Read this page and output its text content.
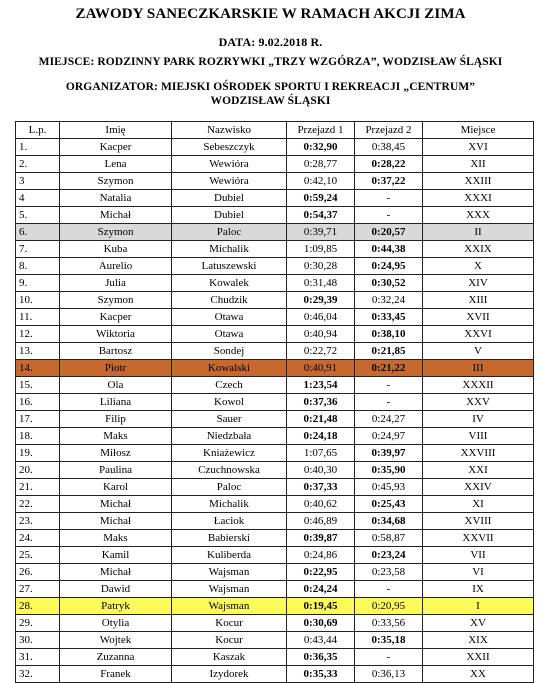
ZAWODY SANECZKARSKIE W RAMACH AKCJI ZIMA
DATA: 9.02.2018 R.
MIEJSCE: RODZINNY PARK ROZRYWKI „TRZY WZGÓRZA”, WODZISŁAW ŚLĄSKI
ORGANIZATOR: MIEJSKI OŚRODEK SPORTU I REKREACJI „CENTRUM”
WODZISŁAW ŚLĄSKI
L.p.	Imię	Nazwisko	Przejazd 1	Przejazd 2	Miejsce
1.	Kacper	Sebeszczyk	0:32,90	0:38,45	XVI
2.	Lena	Wewióra	0:28,77	0:28,22	XII
3	Szymon	Wewióra	0:42,10	0:37,22	XXIII
4	Natalia	Dubiel	0:59,24	-	XXXI
5.	Michał	Dubiel	0:54,37	-	XXX
6.	Szymon	Paloc	0:39,71	0:20,57	II
7.	Kuba	Michalik	1:09,85	0:44,38	XXIX
8.	Aurelio	Latuszewski	0:30,28	0:24,95	X
9.	Julia	Kowalek	0:31,48	0:30,52	XIV
10.	Szymon	Chudzik	0:29,39	0:32,24	XIII
11.	Kacper	Otawa	0:46,04	0:33,45	XVII
12.	Wiktoria	Otawa	0:40,94	0:38,10	XXVI
13.	Bartosz	Sondej	0:22,72	0:21,85	V
14.	Piotr	Kowalski	0:40,91	0:21,22	III
15.	Ola	Czech	1:23,54	-	XXXII
16.	Liliana	Kowol	0:37,36	-	XXV
17.	Filip	Sauer	0:21,48	0:24,27	IV
18.	Maks	Niedzbała	0:24,18	0:24,97	VIII
19.	Miłosz	Kniażewicz	1:07,65	0:39,97	XXVIII
20.	Paulina	Czuchnowska	0:40,30	0:35,90	XXI
21.	Karol	Paloc	0:37,33	0:45,93	XXIV
22.	Michał	Michalik	0:40,62	0:25,43	XI
23.	Michał	Łaciok	0:46,89	0:34,68	XVIII
24.	Maks	Babierski	0:39,87	0:58,87	XXVII
25.	Kamil	Kuliberda	0:24,86	0:23,24	VII
26.	Michał	Wajsman	0:22,95	0:23,58	VI
27.	Dawid	Wajsman	0:24,24	-	IX
28.	Patryk	Wajsman	0:19,45	0:20,95	I
29.	Otylia	Kocur	0:30,69	0:33,56	XV
30.	Wojtek	Kocur	0:43,44	0:35,18	XIX
31.	Zuzanna	Kaszak	0:36,35	-	XXII
32.	Franek	Izydorek	0:35,33	0:36,13	XX
